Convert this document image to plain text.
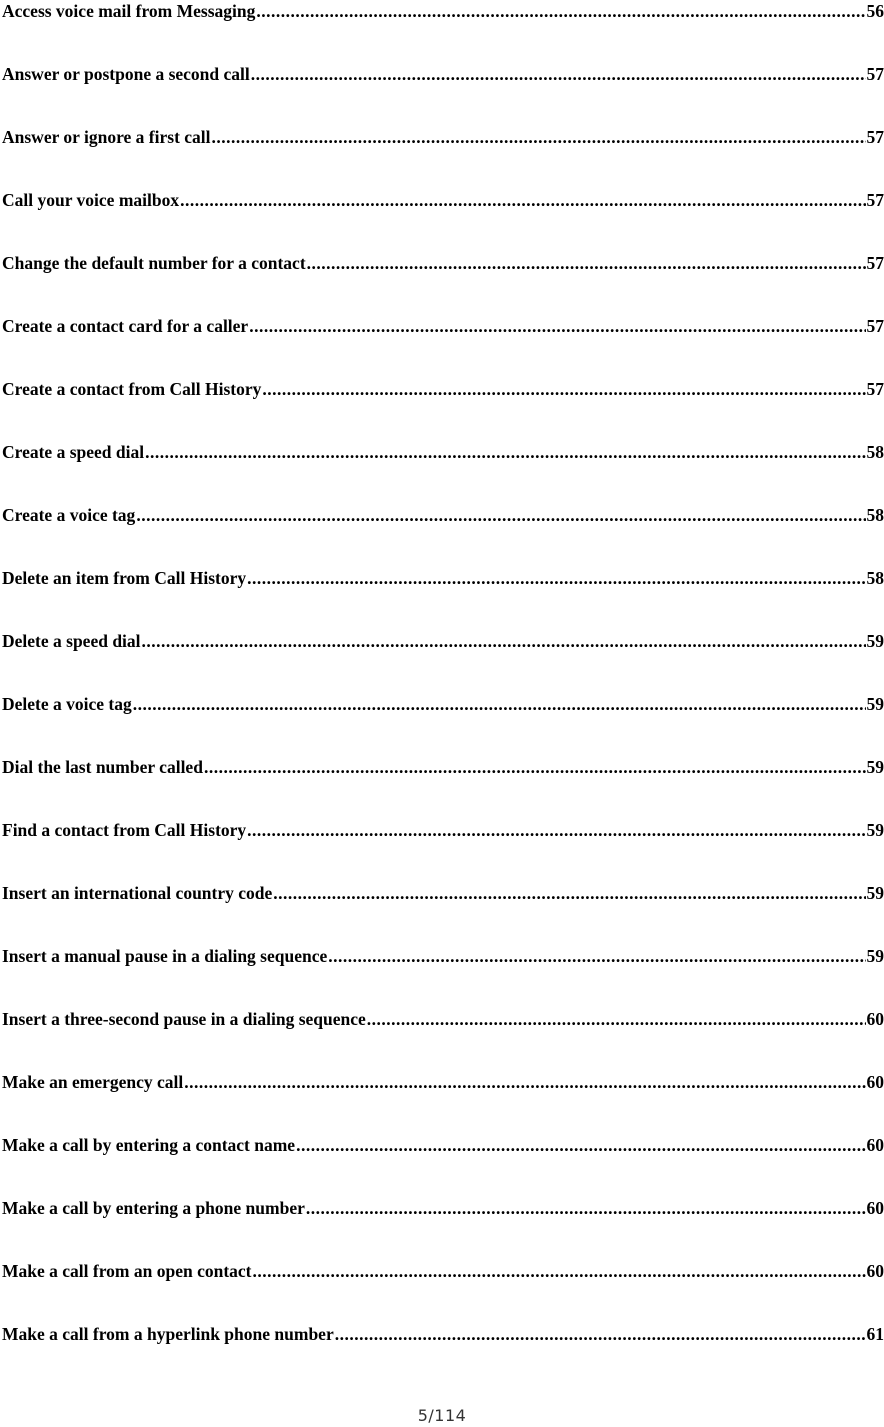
Access voice mail from Messaging .....	56
Answer or postpone a second call .....	57
Answer or ignore a first call .....	57
Call your voice mailbox .....	57
Change the default number for a contact .....	57
Create a contact card for a caller .....	57
Create a contact from Call History .....	57
Create a speed dial .....	58
Create a voice tag .....	58
Delete an item from Call History .....	58
Delete a speed dial .....	59
Delete a voice tag .....	59
Dial the last number called .....	59
Find a contact from Call History .....	59
Insert an international country code .....	59
Insert a manual pause in a dialing sequence .....	59
Insert a three-second pause in a dialing sequence .....	60
Make an emergency call .....	60
Make a call by entering a contact name .....	60
Make a call by entering a phone number .....	60
Make a call from an open contact .....	60
Make a call from a hyperlink phone number .....	61
5/114
